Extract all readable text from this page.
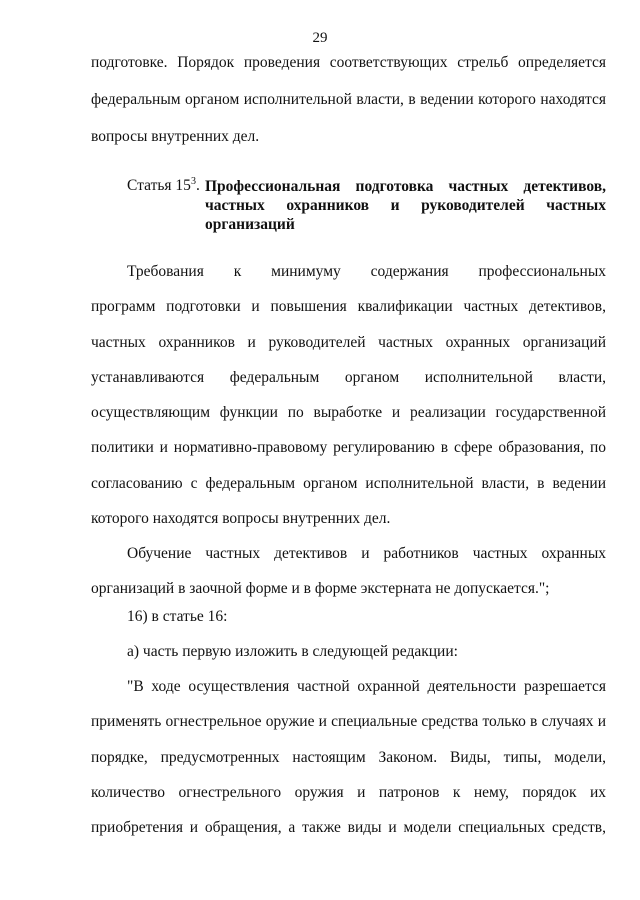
29
подготовке. Порядок проведения соответствующих стрельб определяется
федеральным органом исполнительной власти, в ведении которого находятся
вопросы внутренних дел.
Статья $15^3$. Профессиональная подготовка частных детективов,
частных охранников и руководителей частных
организаций
Требования к минимуму содержания профессиональных
программ подготовки и повышения квалификации частных детективов,
частных охранников и руководителей частных охранных организаций
устанавливаются федеральным органом исполнительной власти,
осуществляющим функции по выработке и реализации государственной
политики и нормативно-правовому регулированию в сфере образования, по
согласованию с федеральным органом исполнительной власти, в ведении
которого находятся вопросы внутренних дел.
Обучение частных детективов и работников частных охранных
организаций в заочной форме и в форме экстерната не допускается.";
16) в статье 16:
а) часть первую изложить в следующей редакции:
"В ходе осуществления частной охранной деятельности разрешается
применять огнестрельное оружие и специальные средства только в случаях и
порядке, предусмотренных настоящим Законом. Виды, типы, модели,
количество огнестрельного оружия и патронов к нему, порядок их
приобретения и обращения, а также виды и модели специальных средств,
